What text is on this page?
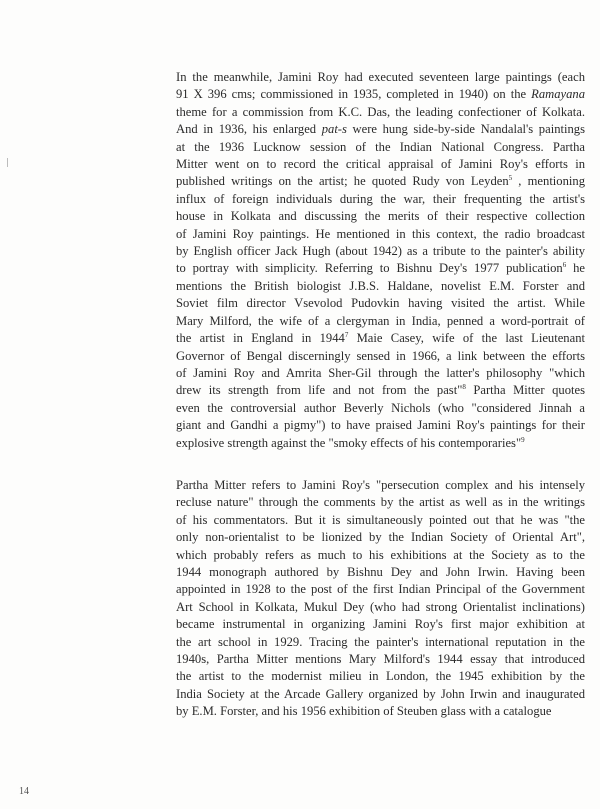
In the meanwhile, Jamini Roy had executed seventeen large paintings (each
91 X 396 cms; commissioned in 1935, completed in 1940) on the Ramayana
theme for a commission from K.C. Das, the leading confectioner of Kolkata.
And in 1936, his enlarged pat-s were hung side-by-side Nandalal's paintings
at the 1936 Lucknow session of the Indian National Congress. Partha
Mitter went on to record the critical appraisal of Jamini Roy's efforts in
published writings on the artist; he quoted Rudy von Leyden$^5$ , mentioning
influx of foreign individuals during the war, their frequenting the artist's
house in Kolkata and discussing the merits of their respective collection
of Jamini Roy paintings. He mentioned in this context, the radio broadcast
by English officer Jack Hugh (about 1942) as a tribute to the painter's ability
to portray with simplicity. Referring to Bishnu Dey's 1977 publication$^6$ he
mentions the British biologist J.B.S. Haldane, novelist E.M. Forster and
Soviet film director Vsevolod Pudovkin having visited the artist. While
Mary Milford, the wife of a clergyman in India, penned a word-portrait of
the artist in England in 1944$^7$ Maie Casey, wife of the last Lieutenant
Governor of Bengal discerningly sensed in 1966, a link between the efforts
of Jamini Roy and Amrita Sher-Gil through the latter's philosophy "which
drew its strength from life and not from the past"$^8$ Partha Mitter quotes
even the controversial author Beverly Nichols (who "considered Jinnah a
giant and Gandhi a pigmy") to have praised Jamini Roy's paintings for their
explosive strength against the "smoky effects of his contemporaries"$^9$
Partha Mitter refers to Jamini Roy's "persecution complex and his intensely
recluse nature" through the comments by the artist as well as in the writings
of his commentators. But it is simultaneously pointed out that he was "the
only non-orientalist to be lionized by the Indian Society of Oriental Art",
which probably refers as much to his exhibitions at the Society as to the
1944 monograph authored by Bishnu Dey and John Irwin. Having been
appointed in 1928 to the post of the first Indian Principal of the Government
Art School in Kolkata, Mukul Dey (who had strong Orientalist inclinations)
became instrumental in organizing Jamini Roy's first major exhibition at
the art school in 1929. Tracing the painter's international reputation in the
1940s, Partha Mitter mentions Mary Milford's 1944 essay that introduced
the artist to the modernist milieu in London, the 1945 exhibition by the
India Society at the Arcade Gallery organized by John Irwin and inaugurated
by E.M. Forster, and his 1956 exhibition of Steuben glass with a catalogue
14
